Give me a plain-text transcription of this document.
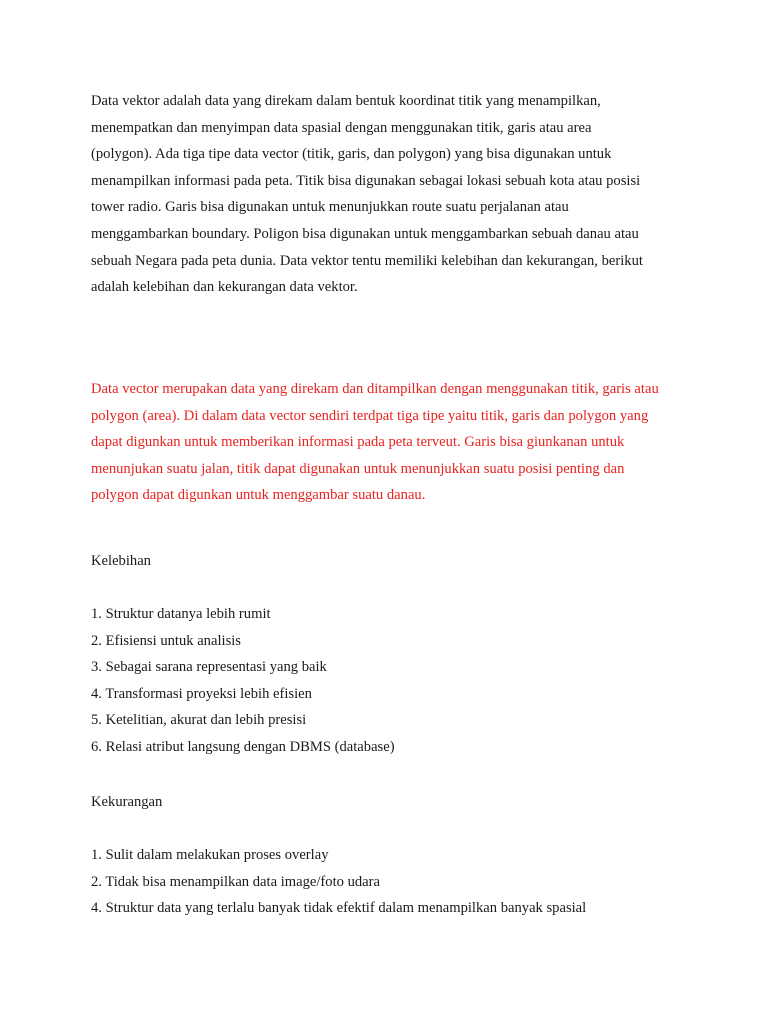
Data vektor adalah data yang direkam dalam bentuk koordinat titik yang menampilkan,
menempatkan dan menyimpan data spasial dengan menggunakan titik, garis atau area
(polygon). Ada tiga tipe data vector (titik, garis, dan polygon) yang bisa digunakan untuk
menampilkan informasi pada peta. Titik bisa digunakan sebagai lokasi sebuah kota atau posisi
tower radio. Garis bisa digunakan untuk menunjukkan route suatu perjalanan atau
menggambarkan boundary. Poligon bisa digunakan untuk menggambarkan sebuah danau atau
sebuah Negara pada peta dunia. Data vektor tentu memiliki kelebihan dan kekurangan, berikut
adalah kelebihan dan kekurangan data vektor.

Data vector merupakan data yang direkam dan ditampilkan dengan menggunakan titik, garis atau
polygon (area). Di dalam data vector sendiri terdpat tiga tipe yaitu titik, garis dan polygon yang
dapat digunkan untuk memberikan informasi pada peta terveut. Garis bisa giunkanan untuk
menunjukan suatu jalan, titik dapat digunakan untuk menunjukkan suatu posisi penting dan
polygon dapat digunkan untuk menggambar suatu danau.

Kelebihan
1. Struktur datanya lebih rumit
2. Efisiensi untuk analisis
3. Sebagai sarana representasi yang baik
4. Transformasi proyeksi lebih efisien
5. Ketelitian, akurat dan lebih presisi
6. Relasi atribut langsung dengan DBMS (database)
Kekurangan
1. Sulit dalam melakukan proses overlay
2. Tidak bisa menampilkan data image/foto udara
4. Struktur data yang terlalu banyak tidak efektif dalam menampilkan banyak spasial
